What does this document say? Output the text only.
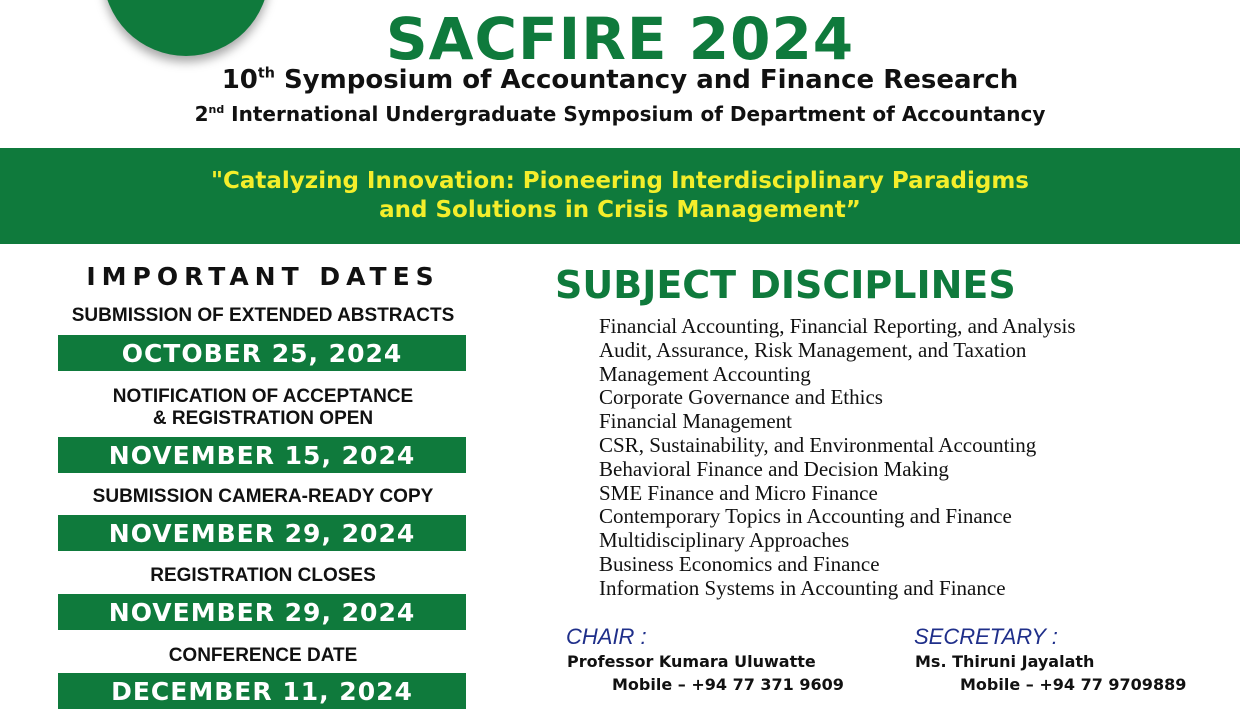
SACFIRE 2024
10th Symposium of Accountancy and Finance Research
2nd International Undergraduate Symposium of Department of Accountancy
"Catalyzing Innovation: Pioneering Interdisciplinary Paradigms
and Solutions in Crisis Management”
IMPORTANT DATES
SUBMISSION OF EXTENDED ABSTRACTS
OCTOBER 25, 2024
NOTIFICATION OF ACCEPTANCE
& REGISTRATION OPEN
NOVEMBER 15, 2024
SUBMISSION CAMERA-READY COPY
NOVEMBER 29, 2024
REGISTRATION CLOSES
NOVEMBER 29, 2024
CONFERENCE DATE
DECEMBER 11, 2024
SUBJECT DISCIPLINES
Financial Accounting, Financial Reporting, and Analysis
Audit, Assurance, Risk Management, and Taxation
Management Accounting
Corporate Governance and Ethics
Financial Management
CSR, Sustainability, and Environmental Accounting
Behavioral Finance and Decision Making
SME Finance and Micro Finance
Contemporary Topics in Accounting and Finance
Multidisciplinary Approaches
Business Economics and Finance
Information Systems in Accounting and Finance
CHAIR :
Professor Kumara Uluwatte
Mobile – +94 77 371 9609
SECRETARY :
Ms. Thiruni Jayalath
Mobile – +94 77 9709889
